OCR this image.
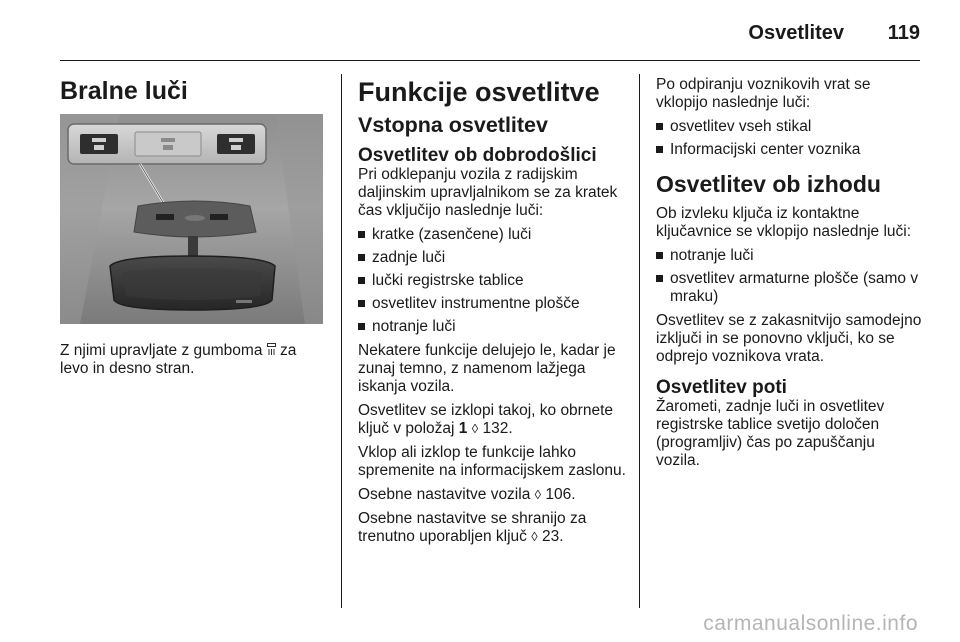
Osvetlitev 119
Bralne luči

Z njimi upravljate z gumboma  za levo in desno stran.

Funkcije osvetlitve
Vstopna osvetlitev
Osvetlitev ob dobrodošlici

Pri odklepanju vozila z radijskim daljinskim upravljalnikom se za kratek čas vključijo naslednje luči:

kratke (zasenčene) luči
zadnje luči
lučki registrske tablice
osvetlitev instrumentne plošče
notranje luči

Nekatere funkcije delujejo le, kadar je zunaj temno, z namenom lažjega iskanja vozila.

Osvetlitev se izklopi takoj, ko obrnete ključ v položaj 1 ◊ 132.

Vklop ali izklop te funkcije lahko spremenite na informacijskem zaslonu.

Osebne nastavitve vozila ◊ 106.

Osebne nastavitve se shranijo za trenutno uporabljen ključ ◊ 23.

Po odpiranju voznikovih vrat se vklopijo naslednje luči:

osvetlitev vseh stikal
Informacijski center voznika
Osvetlitev ob izhodu

Ob izvleku ključa iz kontaktne ključavnice se vklopijo naslednje luči:

notranje luči
osvetlitev armaturne plošče (samo v mraku)

Osvetlitev se z zakasnitvijo samodejno izključi in se ponovno vključi, ko se odprejo voznikova vrata.

Osvetlitev poti

Žarometi, zadnje luči in osvetlitev registrske tablice svetijo določen (programljiv) čas po zapuščanju vozila.

carmanualsonline.info
